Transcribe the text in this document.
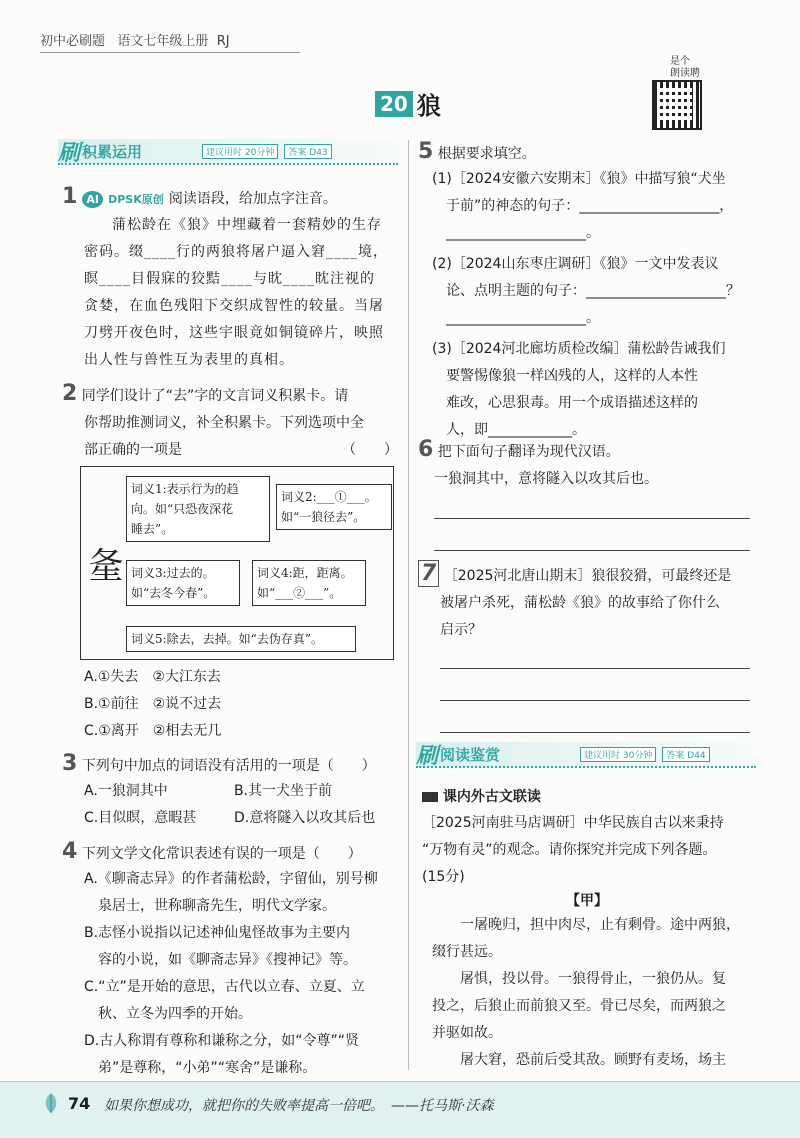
初中必刷题 语文七年级上册 RJ
20 狼
是个
朗读聘
刷 积累运用	建议用时 20分钟	答案 D43
1 AI DPSK原创 阅读语段，给加点字注音。
蒲松龄在《狼》中埋藏着一套精妙的生存
密码。缀____行的两狼将屠户逼入窘____境，
瞑____目假寐的狡黠____与眈____眈注视的
贪婪，在血色残阳下交织成智性的较量。当屠
刀劈开夜色时，这些宇眼竟如铜镜碎片，映照
出人性与兽性互为表里的真相。
2 同学们设计了“去”字的文言词义积累卡。请
你帮助推测词义，补全积累卡。下列选项中全
部正确的一项是	（　　）
㚅
词义1:表示行为的趋
向。如“只恐夜深花
睡去”。
词义2:___①___。
如“一狼径去”。
词义3:过去的。
如“去冬今春”。
词义4:距，距离。
如“___②___”。
词义5:除去，去掉。如“去伪存真”。
A.①失去　②大江东去
B.①前往　②说不过去
C.①离开　②相去无几
3 下列句中加点的词语没有活用的一项是（　　）
A.一狼洞其中	B.其一犬坐于前
C.目似瞑，意暇甚	D.意将隧入以攻其后也
4 下列文学文化常识表述有误的一项是（　　）
A.《聊斋志异》的作者蒲松龄，字留仙，别号柳
　泉居士，世称聊斋先生，明代文学家。
B.志怪小说指以记述神仙鬼怪故事为主要内
　容的小说，如《聊斋志异》《搜神记》等。
C.“立”是开始的意思，古代以立春、立夏、立
　秋、立冬为四季的开始。
D.古人称谓有尊称和谦称之分，如“令尊”“贤
　弟”是尊称，“小弟”“寒舍”是谦称。
5 根据要求填空。
(1)［2024安徽六安期末］《狼》中描写狼“犬坐
　于前”的神态的句子：____________________，
　____________________。
(2)［2024山东枣庄调研］《狼》一文中发表议
　论、点明主题的句子：____________________？
　____________________。
(3)［2024河北廊坊质检改编］蒲松龄告诫我们
　要警惕像狼一样凶残的人，这样的人本性
　难改，心思狠毒。用一个成语描述这样的
　人，即____________。
6 把下面句子翻译为现代汉语。
一狼洞其中，意将隧入以攻其后也。
7 ［2025河北唐山期末］狼很狡猾，可最终还是
被屠户杀死，蒲松龄《狼》的故事给了你什么
启示？
刷 阅读鉴赏	建议用时 30分钟	答案 D44
课内外古文联读
［2025河南驻马店调研］中华民族自古以来秉持
“万物有灵”的观念。请你探究并完成下列各题。
(15分)
【甲】
一屠晚归，担中肉尽，止有剩骨。途中两狼，
缀行甚远。
屠惧，投以骨。一狼得骨止，一狼仍从。复
投之，后狼止而前狼又至。骨已尽矣，而两狼之
并驱如故。
屠大窘，恐前后受其敌。顾野有麦场，场主
74 如果你想成功，就把你的失败率提高一倍吧。　——托马斯·沃森
